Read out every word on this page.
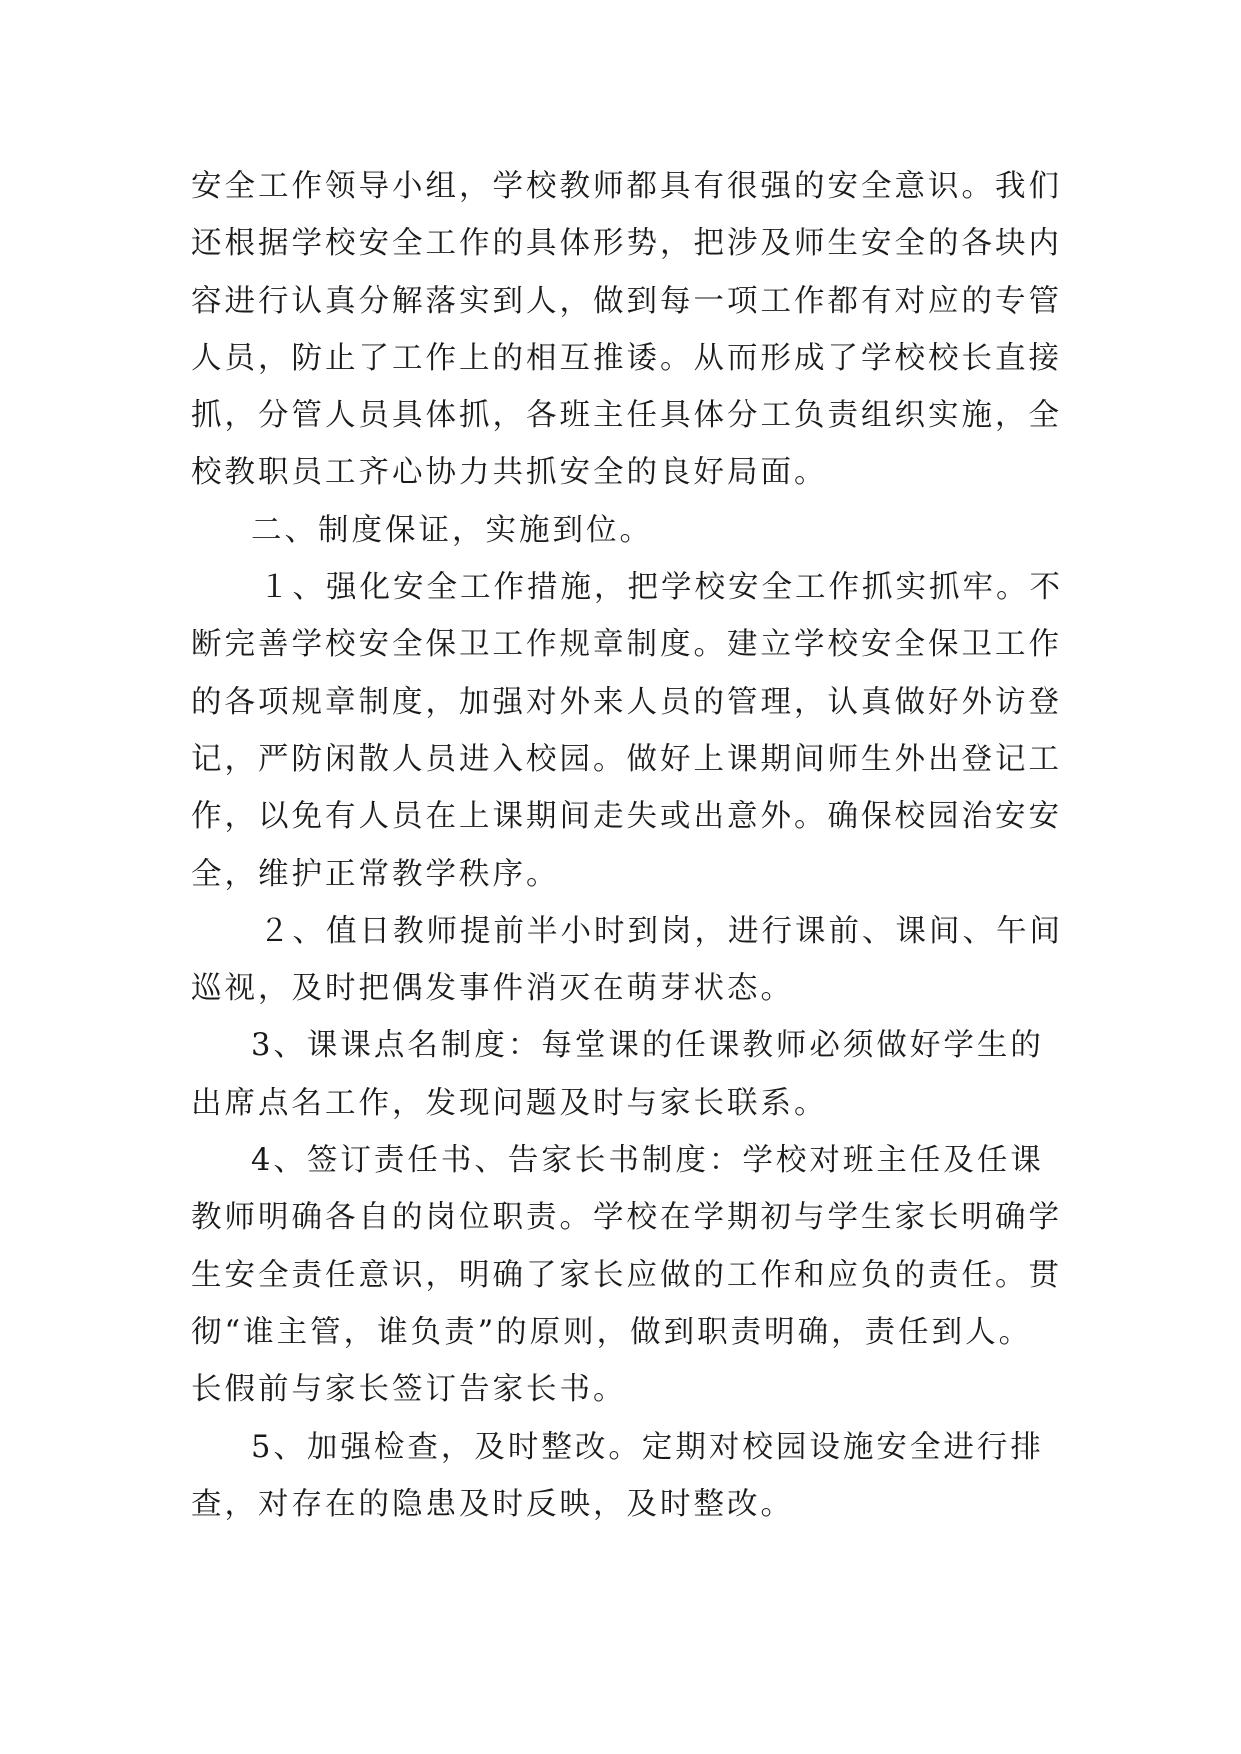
安全工作领导小组，学校教师都具有很强的安全意识。我们
还根据学校安全工作的具体形势，把涉及师生安全的各块内
容进行认真分解落实到人，做到每一项工作都有对应的专管
人员，防止了工作上的相互推诿。从而形成了学校校长直接
抓，分管人员具体抓，各班主任具体分工负责组织实施，全
校教职员工齐心协力共抓安全的良好局面。
二、制度保证，实施到位。
１、强化安全工作措施，把学校安全工作抓实抓牢。不
断完善学校安全保卫工作规章制度。建立学校安全保卫工作
的各项规章制度，加强对外来人员的管理，认真做好外访登
记，严防闲散人员进入校园。做好上课期间师生外出登记工
作，以免有人员在上课期间走失或出意外。确保校园治安安
全，维护正常教学秩序。
２、值日教师提前半小时到岗，进行课前、课间、午间
巡视，及时把偶发事件消灭在萌芽状态。
3、课课点名制度：每堂课的任课教师必须做好学生的
出席点名工作，发现问题及时与家长联系。
4、签订责任书、告家长书制度：学校对班主任及任课
教师明确各自的岗位职责。学校在学期初与学生家长明确学
生安全责任意识，明确了家长应做的工作和应负的责任。贯
彻“谁主管，谁负责”的原则，做到职责明确，责任到人。
长假前与家长签订告家长书。
5、加强检查，及时整改。定期对校园设施安全进行排
查，对存在的隐患及时反映，及时整改。
